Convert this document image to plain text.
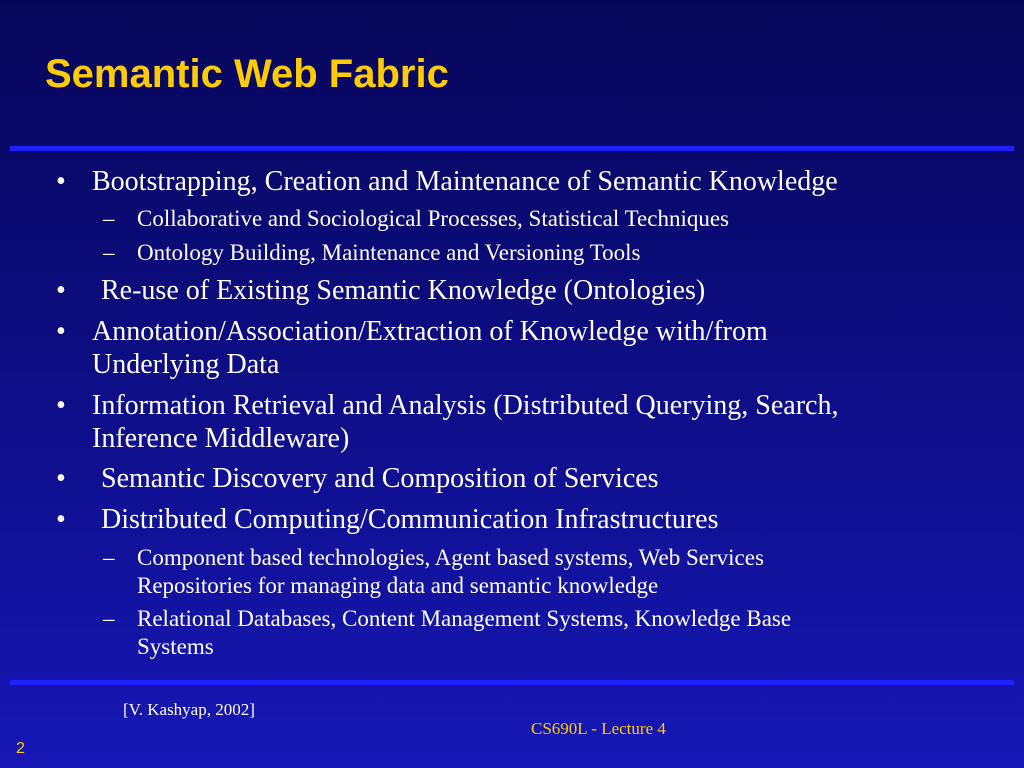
Semantic Web Fabric
• Bootstrapping, Creation and Maintenance of Semantic Knowledge
– Collaborative and Sociological Processes, Statistical Techniques
– Ontology Building, Maintenance and Versioning Tools
•	Re-use of Existing Semantic Knowledge (Ontologies)
• Annotation/Association/Extraction of Knowledge with/from
Underlying Data
• Information Retrieval and Analysis (Distributed Querying, Search,
Inference Middleware)
•	Semantic Discovery and Composition of Services
•	Distributed Computing/Communication Infrastructures
– Component based technologies, Agent based systems, Web Services
Repositories for managing data and semantic knowledge
– Relational Databases, Content Management Systems, Knowledge Base
Systems
[V. Kashyap, 2002]
CS690L - Lecture 4
2
